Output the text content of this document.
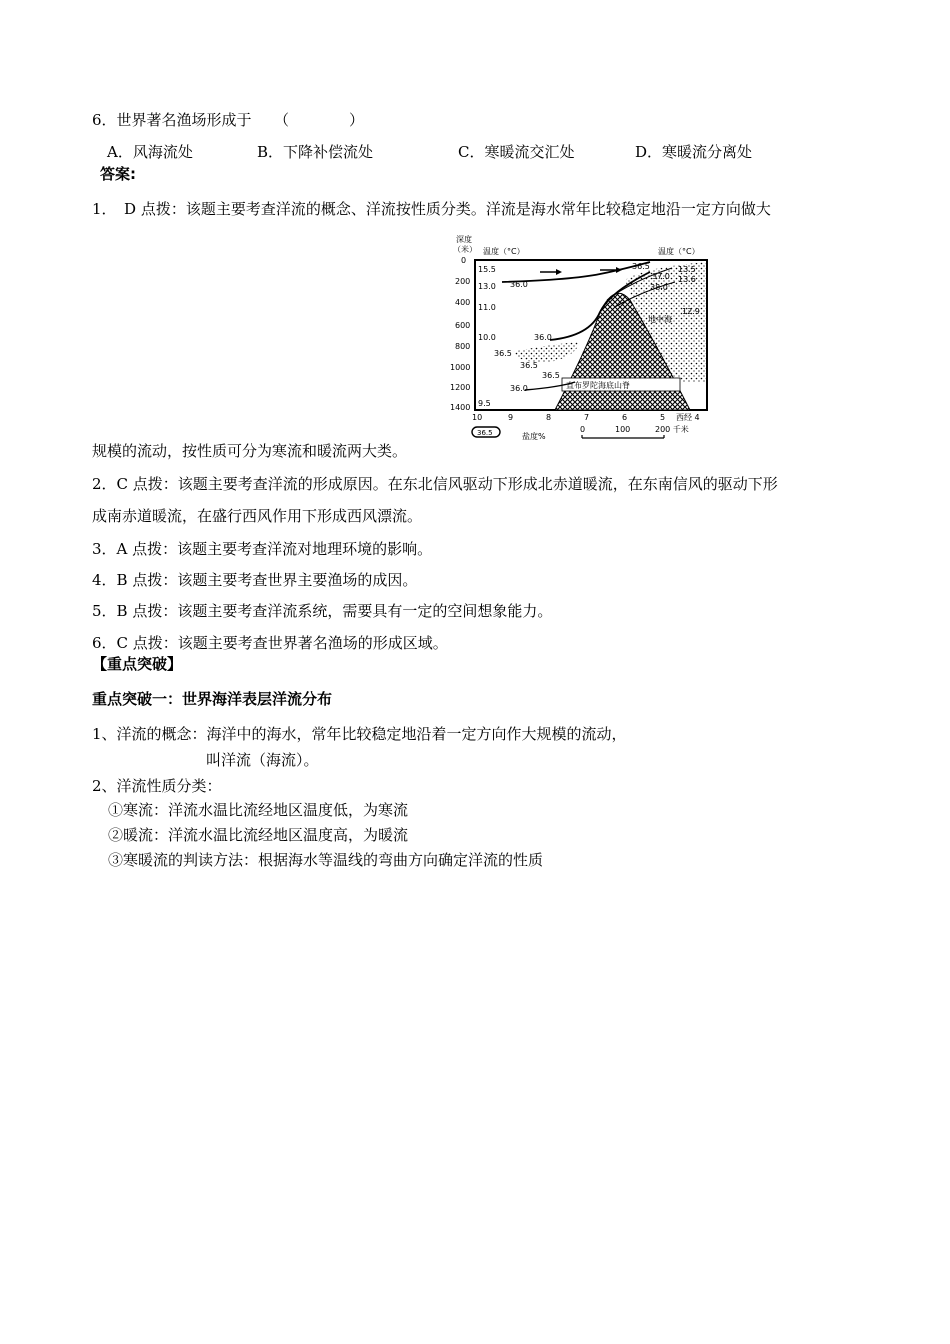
6．世界著名渔场形成于　　（　　　　）
A．风海流处	B．下降补偿流处	C．寒暖流交汇处	D．寒暖流分离处
答案:
1．　D 点拨：该题主要考查洋流的概念、洋流按性质分类。洋流是海水常年比较稳定地沿一定方向做大
深度
（米） 温度（°C）	温度（°C）
直布罗陀海底山脊
0
200
400
600
800
1000
1200
1400
15.5
13.0
11.0
10.0
9.5
13.5
13.6
12.9
36.0
36.0
36.5
36.5
36.5
36.0
36.5
37.0
38.0
地中海
10	9	8	7	6	5 西经 4
36.5	盐度%
0	100	200 千米
规模的流动，按性质可分为寒流和暖流两大类。
2．C 点拨：该题主要考查洋流的形成原因。在东北信风驱动下形成北赤道暖流，在东南信风的驱动下形
成南赤道暖流，在盛行西风作用下形成西风漂流。
3．A 点拨：该题主要考查洋流对地理环境的影响。
4．B 点拨：该题主要考查世界主要渔场的成因。
5．B 点拨：该题主要考查洋流系统，需要具有一定的空间想象能力。
6．C 点拨：该题主要考查世界著名渔场的形成区域。
【重点突破】
重点突破一：世界海洋表层洋流分布
1、洋流的概念：海洋中的海水，常年比较稳定地沿着一定方向作大规模的流动，
叫洋流（海流）。
2、洋流性质分类：
①寒流：洋流水温比流经地区温度低，为寒流
②暖流：洋流水温比流经地区温度高，为暖流
③寒暖流的判读方法：根据海水等温线的弯曲方向确定洋流的性质
